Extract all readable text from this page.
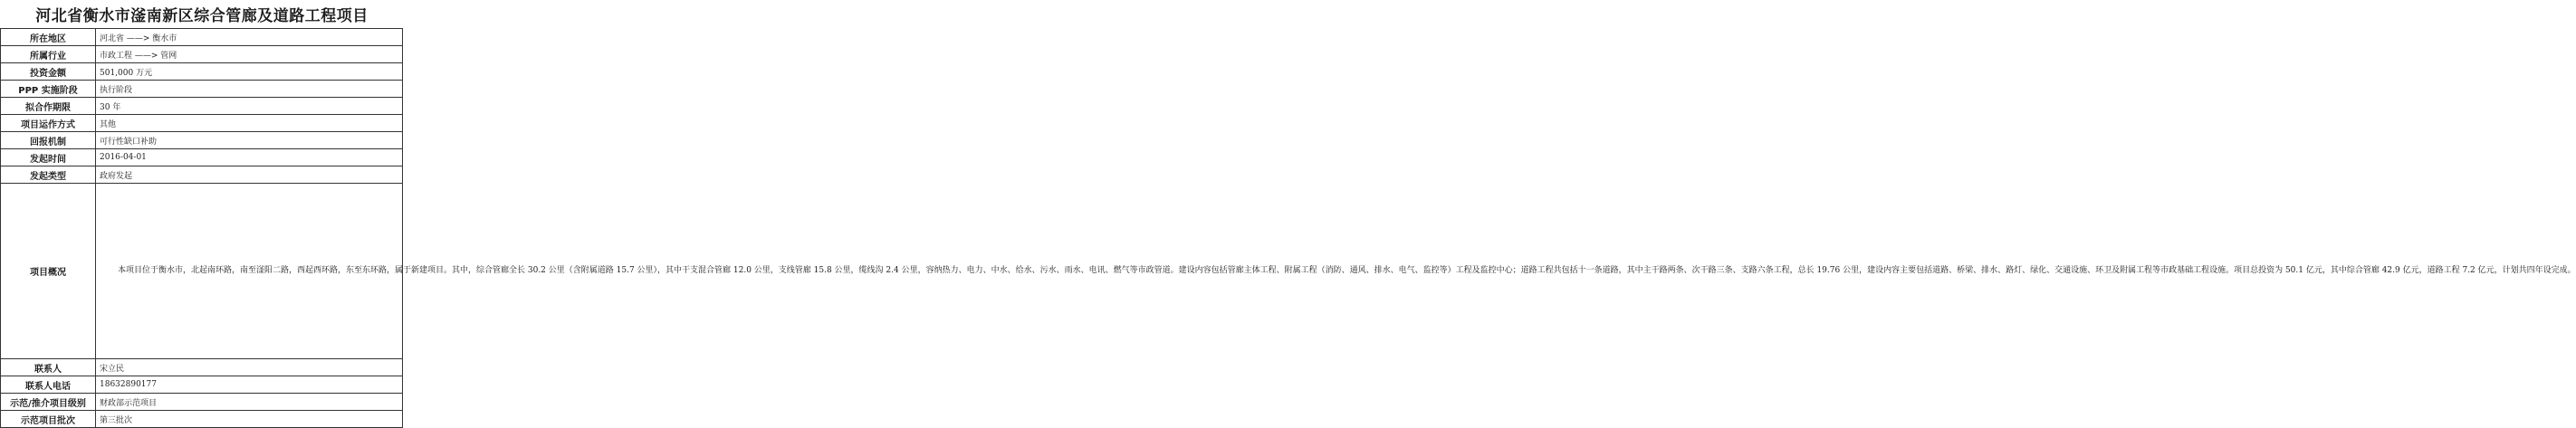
河北省衡水市滏南新区综合管廊及道路工程项目
所在地区	河北省 ——> 衡水市
所属行业	市政工程 ——> 管网
投资金额	501,000 万元
PPP 实施阶段	执行阶段
拟合作期限	30 年
项目运作方式	其他
回报机制	可行性缺口补助
发起时间	2016-04-01
发起类型	政府发起
项目概况	本项目位于衡水市，北起南环路，南至滏阳二路，西起西环路，东至东环路，属于新建项目。其中，综合管廊全长 30.2 公里（含附属道路 15.7 公里），其中干支混合管廊 12.0 公里，支线管廊 15.8 公里，缆线沟 2.4 公里，容纳热力、电力、中水、给水、污水、雨水、电讯、燃气等市政管道。建设内容包括管廊主体工程、附属工程（消防、通风、排水、电气、监控等）工程及监控中心；道路工程共包括十一条道路，其中主干路两条、次干路三条、支路六条工程，总长 19.76 公里，建设内容主要包括道路、桥梁、排水、路灯、绿化、交通设施、环卫及附属工程等市政基础工程设施。项目总投资为 50.1 亿元，其中综合管廊 42.9 亿元，道路工程 7.2 亿元，计划共四年设完成。
联系人	宋立民
联系人电话	18632890177
示范/推介项目级别	财政部示范项目
示范项目批次	第三批次
